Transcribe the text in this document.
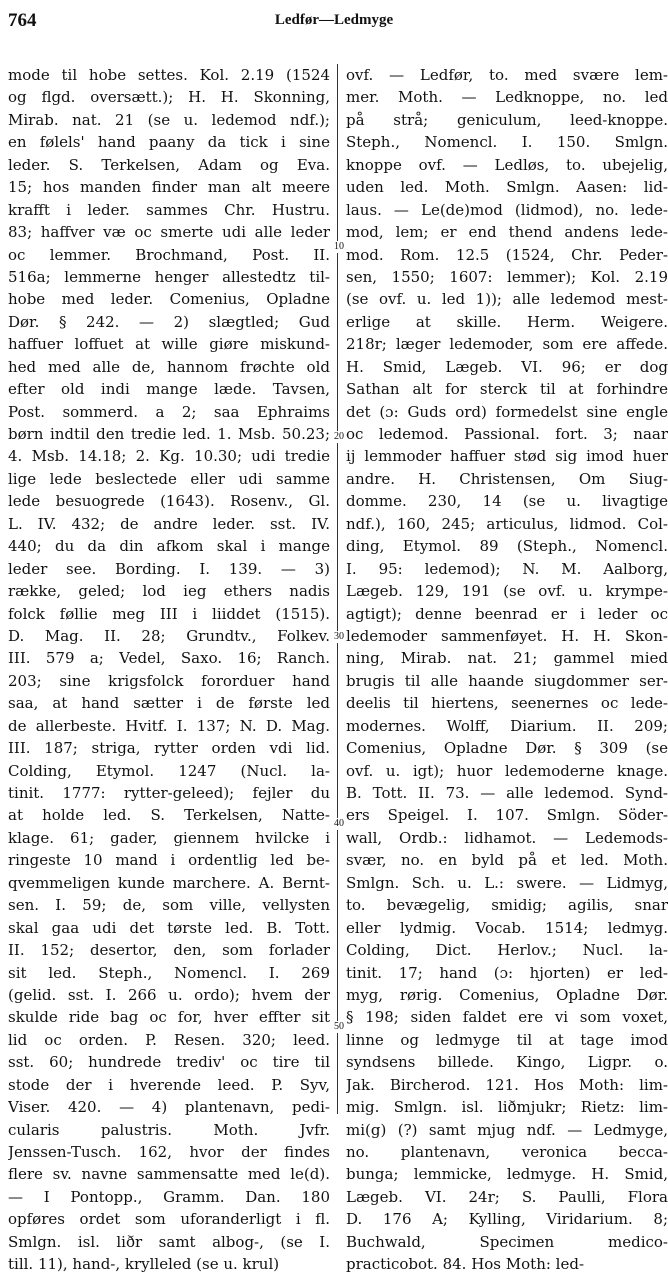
764	Ledfør—Ledmyge
mode til hobe settes. Kol. 2.19 (1524
og flgd. oversætt.); H. H. Skonning,
Mirab. nat. 21 (se u. ledemod ndf.);
en følels' hand paany da tick i sine
leder. S. Terkelsen, Adam og Eva.
15; hos manden finder man alt meere
krafft i leder. sammes Chr. Hustru.
83; haffver væ oc smerte udi alle leder
oc lemmer. Brochmand, Post. II.
516a; lemmerne henger allestedtz til-
hobe med leder. Comenius, Opladne
Dør. § 242. — 2) slægtled; Gud
haffuer loffuet at wille giøre miskund-
hed med alle de, hannom frøchte old
efter old indi mange læde. Tavsen,
Post. sommerd. a 2; saa Ephraims
børn indtil den tredie led. 1. Msb. 50.23;
4. Msb. 14.18; 2. Kg. 10.30; udi tredie
lige lede beslectede eller udi samme
lede besuogrede (1643). Rosenv., Gl.
L. IV. 432; de andre leder. sst. IV.
440; du da din afkom skal i mange
leder see. Bording. I. 139. — 3)
række, geled; lod ieg ethers nadis
folck føllie meg III i liiddet (1515).
D. Mag. II. 28; Grundtv., Folkev.
III. 579 a; Vedel, Saxo. 16; Ranch.
203; sine krigsfolck fororduer hand
saa, at hand sætter i de første led
de allerbeste. Hvitf. I. 137; N. D. Mag.
III. 187; striga, rytter orden vdi lid.
Colding, Etymol. 1247 (Nucl. la-
tinit. 1777: rytter-geleed); fejler du
at holde led. S. Terkelsen, Natte-
klage. 61; gader, giennem hvilcke i
ringeste 10 mand i ordentlig led be-
qvemmeligen kunde marchere. A. Bernt-
sen. I. 59; de, som ville, vellysten
skal gaa udi det tørste led. B. Tott.
II. 152; desertor, den, som forlader
sit led. Steph., Nomencl. I. 269
(gelid. sst. I. 266 u. ordo); hvem der
skulde ride bag oc for, hver effter sit
lid oc orden. P. Resen. 320; leed.
sst. 60; hundrede trediv' oc tire til
stode der i hverende leed. P. Syv,
Viser. 420. — 4) plantenavn, pedi-
cularis palustris. Moth. Jvfr.
Jenssen-Tusch. 162, hvor der findes
flere sv. navne sammensatte med le(d).
— I Pontopp., Gramm. Dan. 180
opføres ordet som uforanderligt i fl.
Smlgn. isl. liðr samt albog-, (se I.
till. 11), hand-, krylleled (se u. krul)
ovf. — Ledfør, to. med svære lem-
mer. Moth. — Ledknoppe, no. led
på strå; geniculum, leed-knoppe.
Steph., Nomencl. I. 150. Smlgn.
knoppe ovf. — Ledløs, to. ubejelig,
uden led. Moth. Smlgn. Aasen: lid-
laus. — Le(de)mod (lidmod), no. lede-
mod, lem; er end thend andens lede-
mod. Rom. 12.5 (1524, Chr. Peder-
sen, 1550; 1607: lemmer); Kol. 2.19
(se ovf. u. led 1)); alle ledemod mest-
erlige at skille. Herm. Weigere.
218r; læger ledemoder, som ere affede.
H. Smid, Lægeb. VI. 96; er dog
Sathan alt for sterck til at forhindre
det (ɔ: Guds ord) formedelst sine engle
oc ledemod. Passional. fort. 3; naar
ij lemmoder haffuer stød sig imod huer
andre. H. Christensen, Om Siug-
domme. 230, 14 (se u. livagtige
ndf.), 160, 245; articulus, lidmod. Col-
ding, Etymol. 89 (Steph., Nomencl.
I. 95: ledemod); N. M. Aalborg,
Lægeb. 129, 191 (se ovf. u. krympe-
agtigt); denne beenrad er i leder oc
ledemoder sammenføyet. H. H. Skon-
ning, Mirab. nat. 21; gammel mied
brugis til alle haande siugdommer ser-
deelis til hiertens, seenernes oc lede-
modernes. Wolff, Diarium. II. 209;
Comenius, Opladne Dør. § 309 (se
ovf. u. igt); huor ledemoderne knage.
B. Tott. II. 73. — alle ledemod. Synd-
ers Speigel. I. 107. Smlgn. Söder-
wall, Ordb.: lidhamot. — Ledemods-
svær, no. en byld på et led. Moth.
Smlgn. Sch. u. L.: swere. — Lidmyg,
to. bevægelig, smidig; agilis, snar
eller lydmig. Vocab. 1514; ledmyg.
Colding, Dict. Herlov.; Nucl. la-
tinit. 17; hand (ɔ: hjorten) er led-
myg, rørig. Comenius, Opladne Dør.
§ 198; siden faldet ere vi som voxet,
linne og ledmyge til at tage imod
syndsens billede. Kingo, Ligpr. o.
Jak. Bircherod. 121. Hos Moth: lim-
mig. Smlgn. isl. liðmjukr; Rietz: lim-
mi(g) (?) samt mjug ndf. — Ledmyge,
no. plantenavn, veronica becca-
bunga; lemmicke, ledmyge. H. Smid,
Lægeb. VI. 24r; S. Paulli, Flora
D. 176 A; Kylling, Viridarium. 8;
Buchwald, Specimen medico-
practicobot. 84. Hos Moth: led-
10
20
30
40
50
